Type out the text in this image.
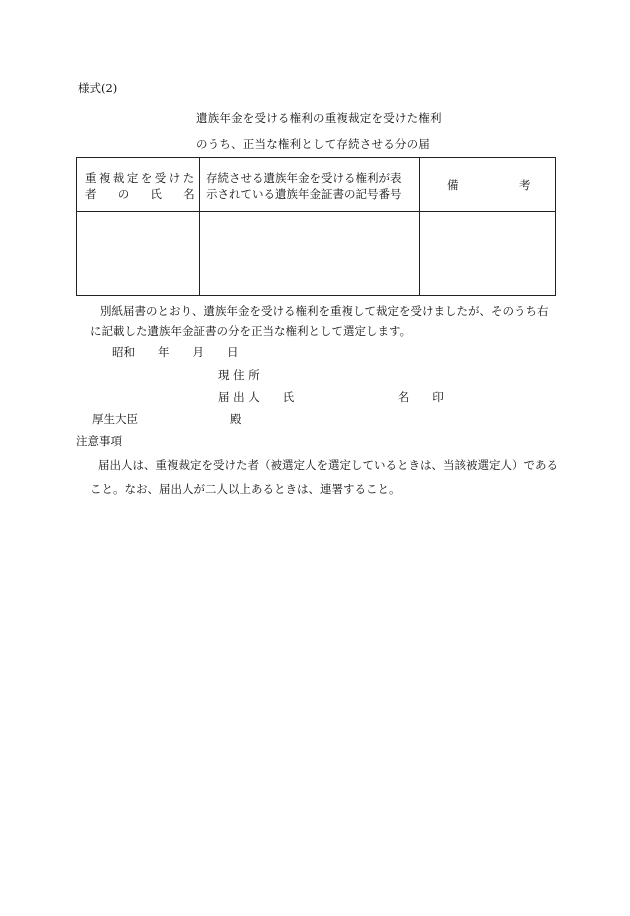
様式(2)
遺族年金を受ける権利の重複裁定を受けた権利
のうち、正当な権利として存続させる分の届
重 複 裁 定 を 受 け た
者　　の　　氏　　名
存続させる遺族年金を受ける権利が表
示されている遺族年金証書の記号番号
備	考
別紙届書のとおり、遺族年金を受ける権利を重複して裁定を受けましたが、そのうち右
に記載した遺族年金証書の分を正当な権利として選定します。
昭和　　年　　月　　日
現 住 所
届 出 人　　氏　　　　　　　　　名　　印
厚生大臣　　　　　　　　殿
注意事項
届出人は、重複裁定を受けた者（被選定人を選定しているときは、当該被選定人）である
こと。なお、届出人が二人以上あるときは、連署すること。
